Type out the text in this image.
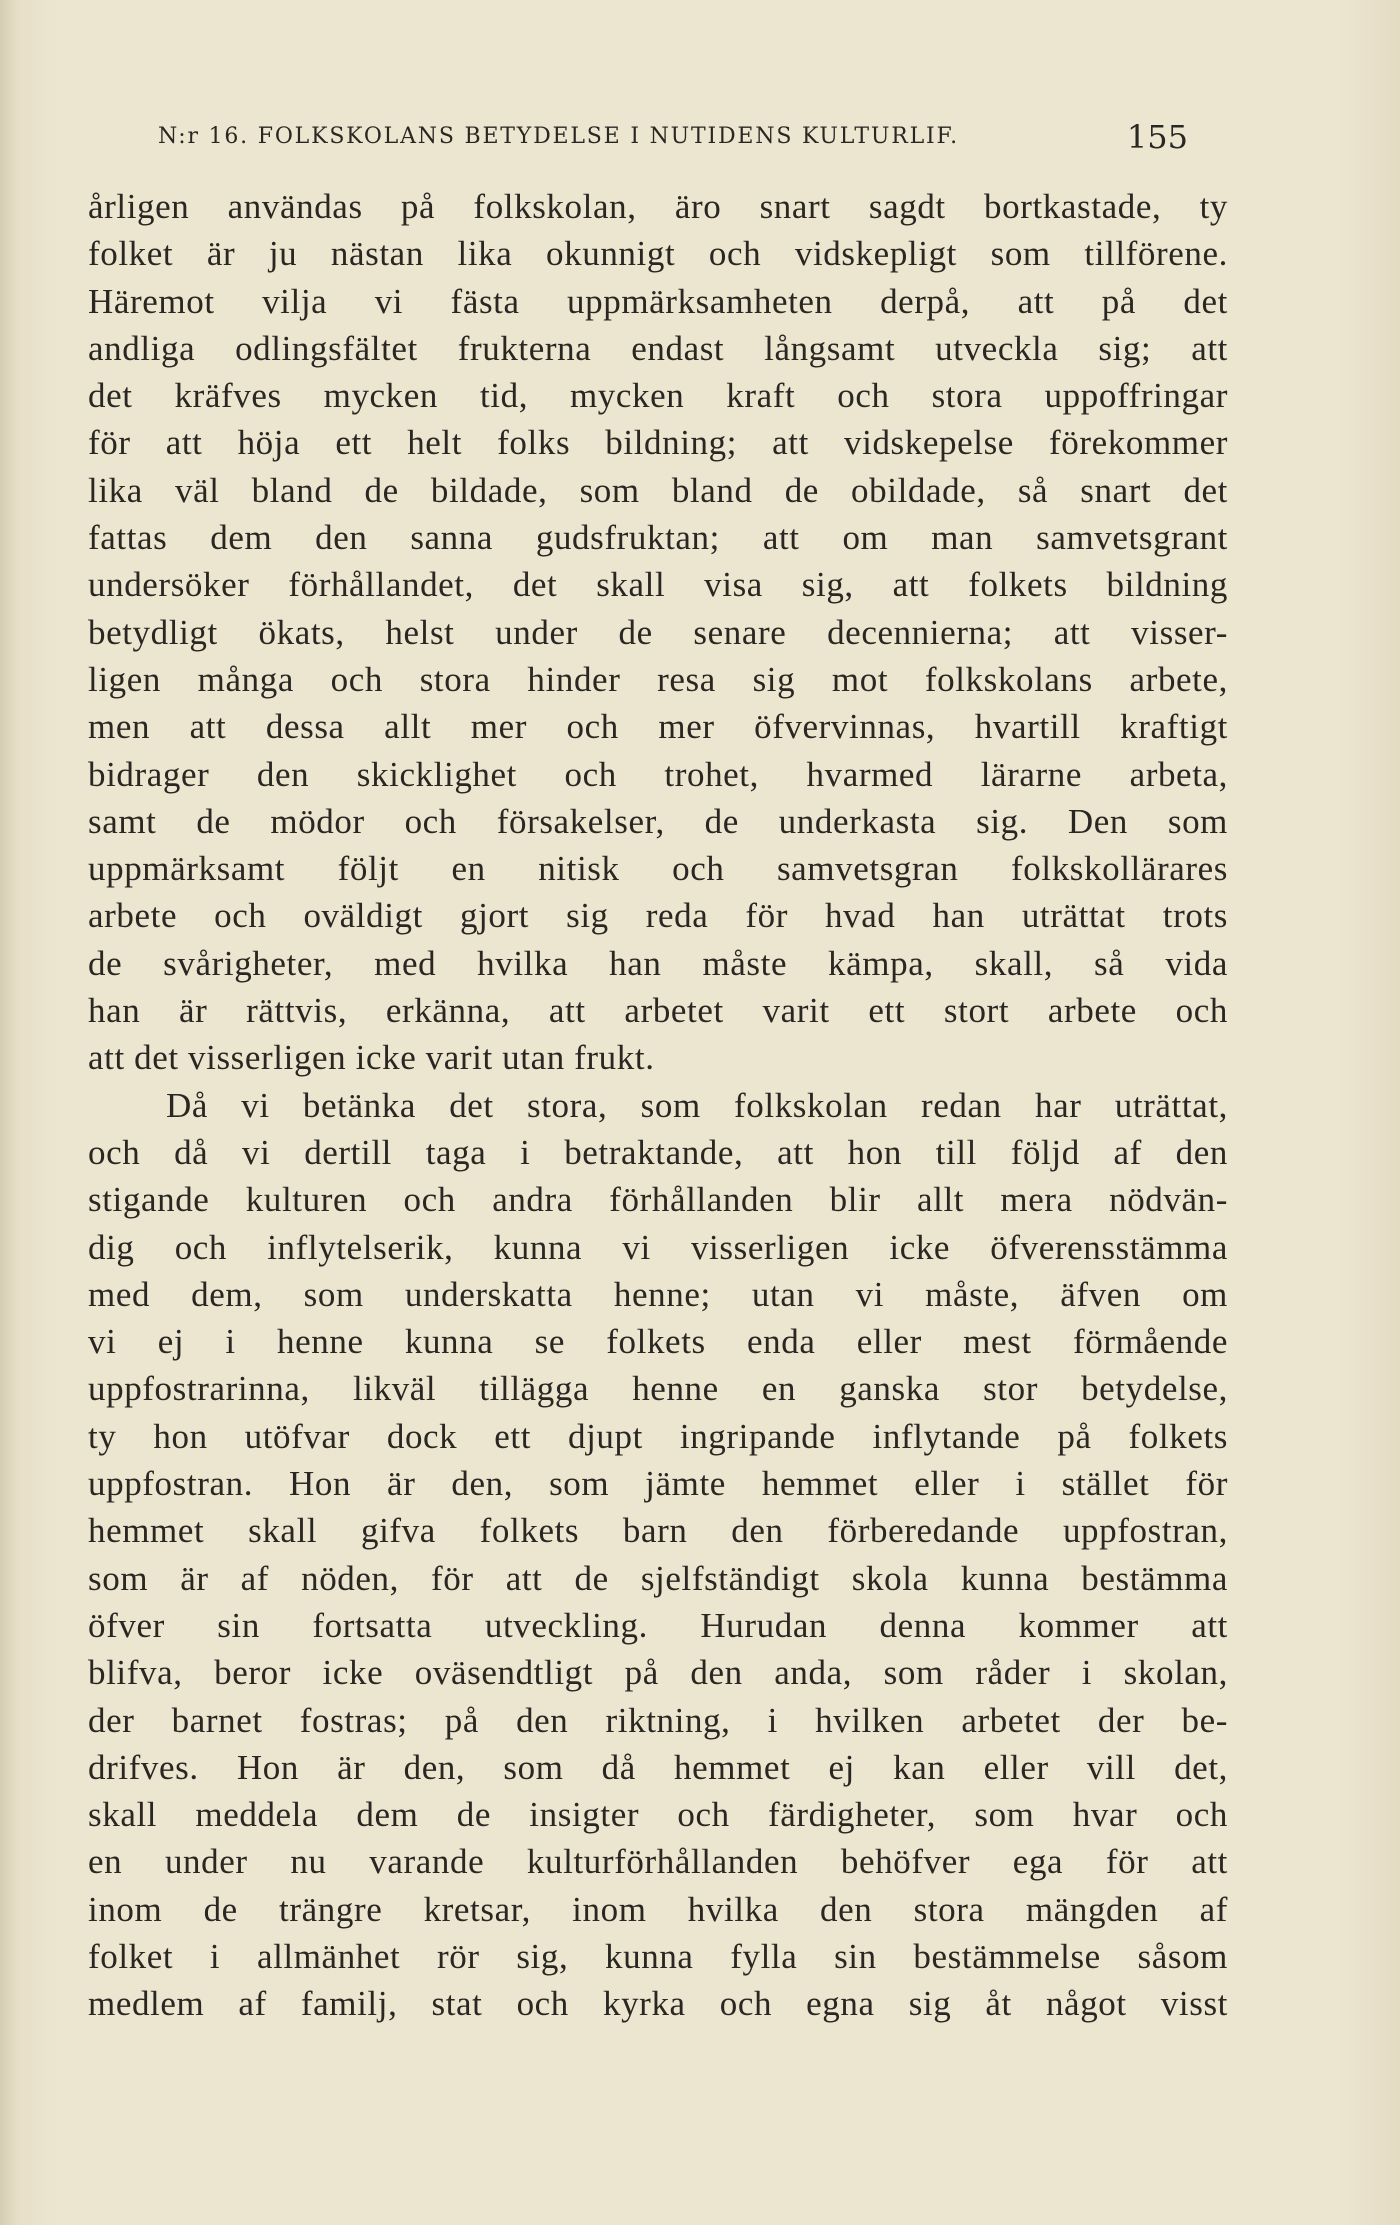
N:r 16. FOLKSKOLANS BETYDELSE I NUTIDENS KULTURLIF.	155
årligen användas på folkskolan, äro snart sagdt bortkastade, ty
folket är ju nästan lika okunnigt och vidskepligt som tillförene.
Häremot vilja vi fästa uppmärksamheten derpå, att på det
andliga odlingsfältet frukterna endast långsamt utveckla sig; att
det kräfves mycken tid, mycken kraft och stora uppoffringar
för att höja ett helt folks bildning; att vidskepelse förekommer
lika väl bland de bildade, som bland de obildade, så snart det
fattas dem den sanna gudsfruktan; att om man samvetsgrant
undersöker förhållandet, det skall visa sig, att folkets bildning
betydligt ökats, helst under de senare decennierna; att visser-
ligen många och stora hinder resa sig mot folkskolans arbete,
men att dessa allt mer och mer öfvervinnas, hvartill kraftigt
bidrager den skicklighet och trohet, hvarmed lärarne arbeta,
samt de mödor och försakelser, de underkasta sig. Den som
uppmärksamt följt en nitisk och samvetsgran folkskollärares
arbete och oväldigt gjort sig reda för hvad han uträttat trots
de svårigheter, med hvilka han måste kämpa, skall, så vida
han är rättvis, erkänna, att arbetet varit ett stort arbete och
att det visserligen icke varit utan frukt.
Då vi betänka det stora, som folkskolan redan har uträttat,
och då vi dertill taga i betraktande, att hon till följd af den
stigande kulturen och andra förhållanden blir allt mera nödvän-
dig och inflytelserik, kunna vi visserligen icke öfverensstämma
med dem, som underskatta henne; utan vi måste, äfven om
vi ej i henne kunna se folkets enda eller mest förmående
uppfostrarinna, likväl tillägga henne en ganska stor betydelse,
ty hon utöfvar dock ett djupt ingripande inflytande på folkets
uppfostran. Hon är den, som jämte hemmet eller i stället för
hemmet skall gifva folkets barn den förberedande uppfostran,
som är af nöden, för att de sjelfständigt skola kunna bestämma
öfver sin fortsatta utveckling. Hurudan denna kommer att
blifva, beror icke oväsendtligt på den anda, som råder i skolan,
der barnet fostras; på den riktning, i hvilken arbetet der be-
drifves. Hon är den, som då hemmet ej kan eller vill det,
skall meddela dem de insigter och färdigheter, som hvar och
en under nu varande kulturförhållanden behöfver ega för att
inom de trängre kretsar, inom hvilka den stora mängden af
folket i allmänhet rör sig, kunna fylla sin bestämmelse såsom
medlem af familj, stat och kyrka och egna sig åt något visst
